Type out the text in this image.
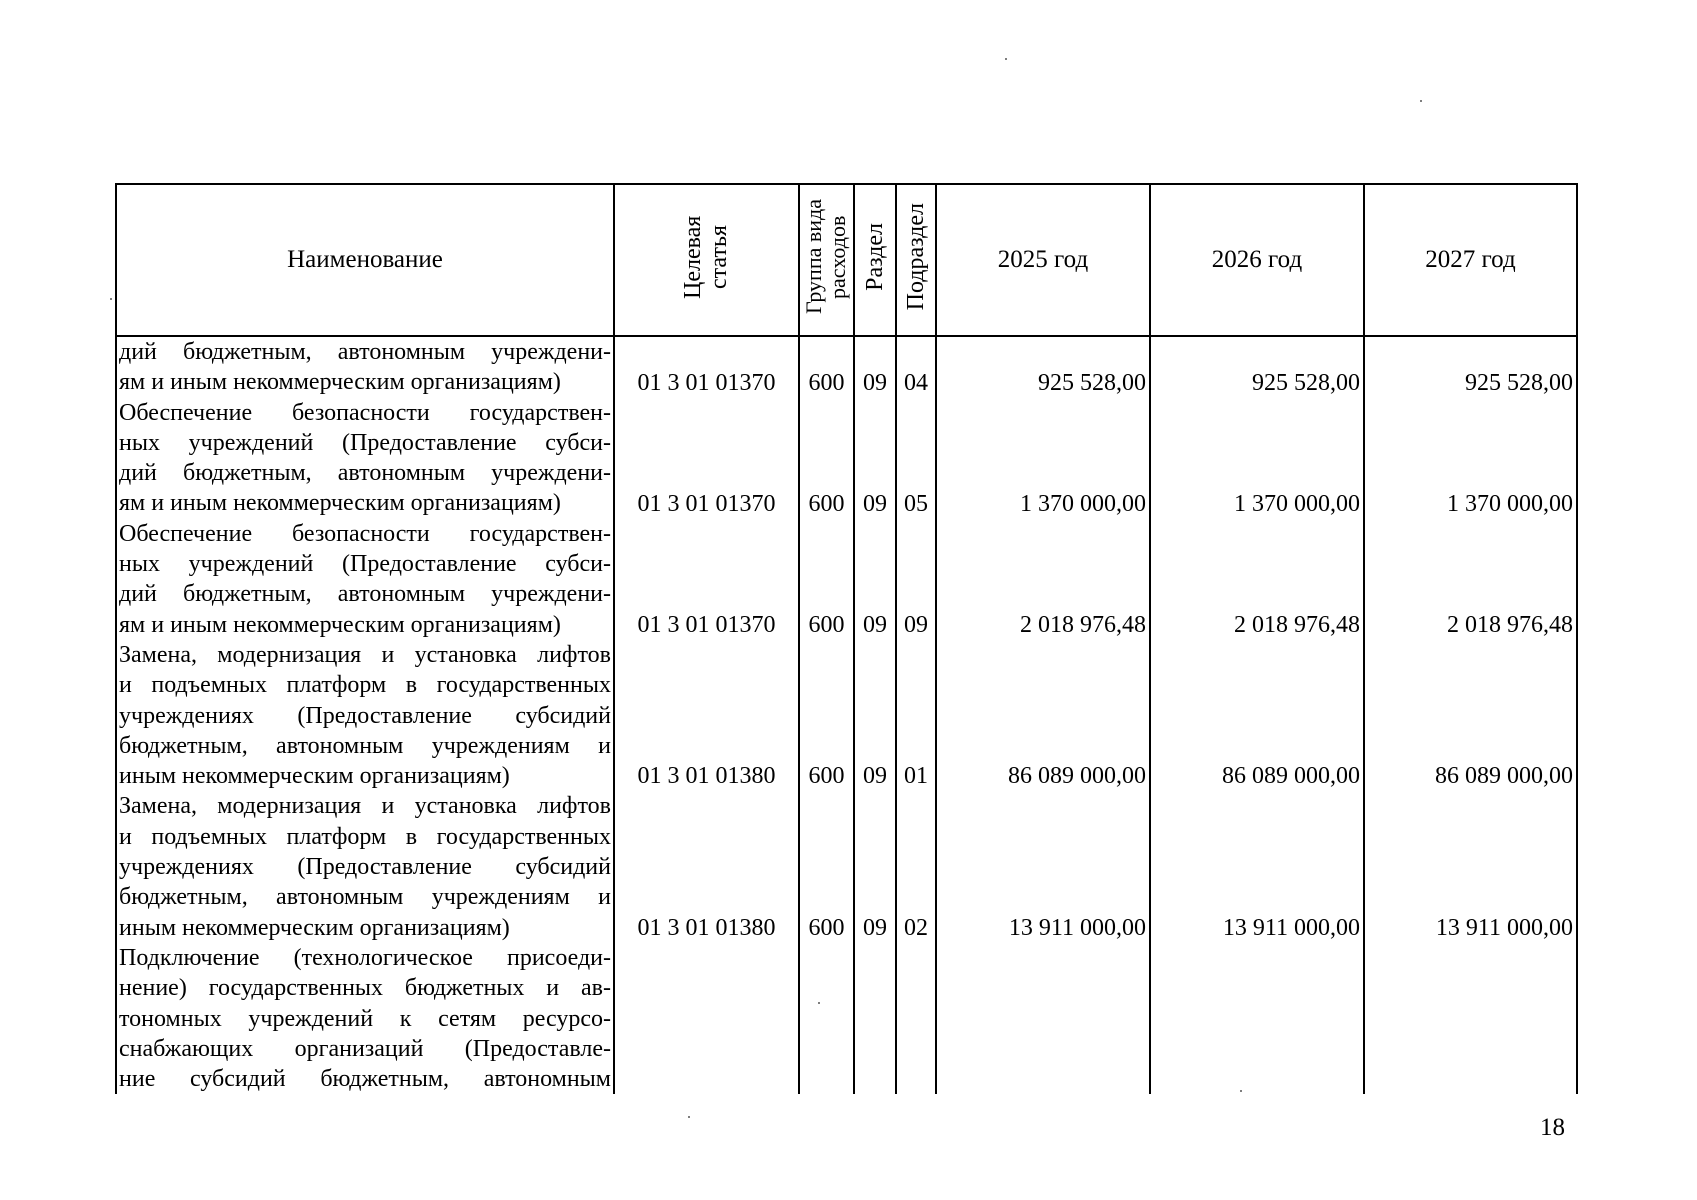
Наименование	Целевая статья	Группа вида расходов	Раздел	Подраздел	2025 год	2026 год	2027 год

дий бюджетным, автономным учреждени-
ям и иным некоммерческим организациям)	01 3 01 01370	600	09	04	925 528,00	925 528,00	925 528,00

Обеспечение безопасности государствен-
ных учреждений (Предоставление субси-
дий бюджетным, автономным учреждени-
ям и иным некоммерческим организациям)	01 3 01 01370	600	09	05	1 370 000,00	1 370 000,00	1 370 000,00

Обеспечение безопасности государствен-
ных учреждений (Предоставление субси-
дий бюджетным, автономным учреждени-
ям и иным некоммерческим организациям)	01 3 01 01370	600	09	09	2 018 976,48	2 018 976,48	2 018 976,48

Замена, модернизация и установка лифтов
и подъемных платформ в государственных
учреждениях (Предоставление субсидий
бюджетным, автономным учреждениям и
иным некоммерческим организациям)	01 3 01 01380	600	09	01	86 089 000,00	86 089 000,00	86 089 000,00

Замена, модернизация и установка лифтов
и подъемных платформ в государственных
учреждениях (Предоставление субсидий
бюджетным, автономным учреждениям и
иным некоммерческим организациям)	01 3 01 01380	600	09	02	13 911 000,00	13 911 000,00	13 911 000,00

Подключение (технологическое присоеди-
нение) государственных бюджетных и ав-
тономных учреждений к сетям ресурсо-
снабжающих организаций (Предоставле-
ние субсидий бюджетным, автономным							

18
